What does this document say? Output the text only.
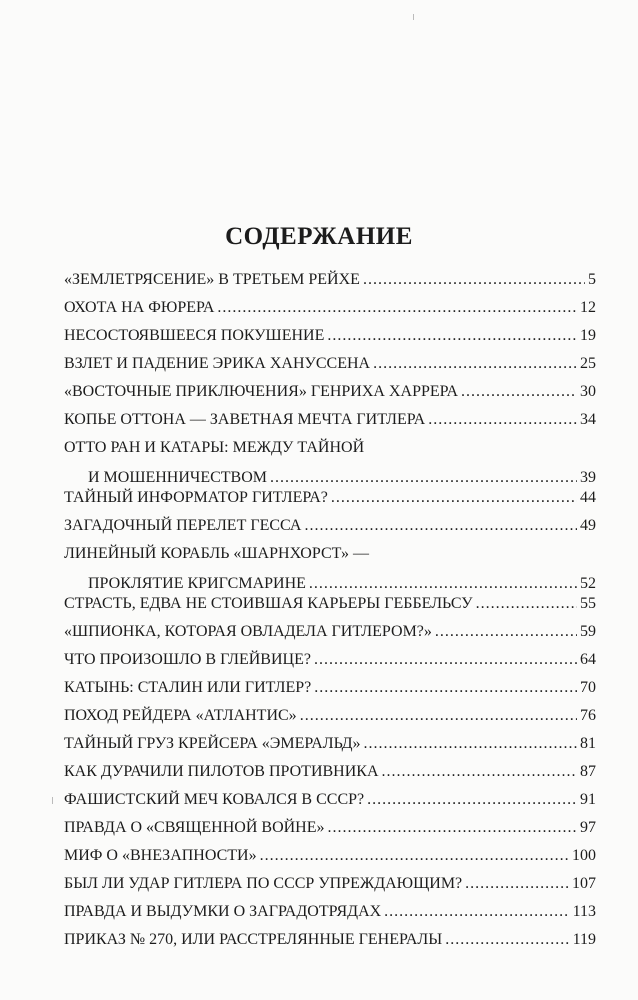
СОДЕРЖАНИЕ
«ЗЕМЛЕТРЯСЕНИЕ» В ТРЕТЬЕМ РЕЙХЕ .....	5
ОХОТА НА ФЮРЕРА .....	12
НЕСОСТОЯВШЕЕСЯ ПОКУШЕНИЕ .....	19
ВЗЛЕТ И ПАДЕНИЕ ЭРИКА ХАНУССЕНА .....	25
«ВОСТОЧНЫЕ ПРИКЛЮЧЕНИЯ» ГЕНРИХА ХАРРЕРА .....	30
КОПЬЕ ОТТОНА — ЗАВЕТНАЯ МЕЧТА ГИТЛЕРА .....	34
ОТТО РАН И КАТАРЫ: МЕЖДУ ТАЙНОЙ
И МОШЕННИЧЕСТВОМ .....	39
ТАЙНЫЙ ИНФОРМАТОР ГИТЛЕРА? .....	44
ЗАГАДОЧНЫЙ ПЕРЕЛЕТ ГЕССА .....	49
ЛИНЕЙНЫЙ КОРАБЛЬ «ШАРНХОРСТ» —
ПРОКЛЯТИЕ КРИГСМАРИНЕ .....	52
СТРАСТЬ, ЕДВА НЕ СТОИВШАЯ КАРЬЕРЫ ГЕББЕЛЬСУ .....	55
«ШПИОНКА, КОТОРАЯ ОВЛАДЕЛА ГИТЛЕРОМ?» .....	59
ЧТО ПРОИЗОШЛО В ГЛЕЙВИЦЕ? .....	64
КАТЫНЬ: СТАЛИН ИЛИ ГИТЛЕР? .....	70
ПОХОД РЕЙДЕРА «АТЛАНТИС» .....	76
ТАЙНЫЙ ГРУЗ КРЕЙСЕРА «ЭМЕРАЛЬД» .....	81
КАК ДУРАЧИЛИ ПИЛОТОВ ПРОТИВНИКА .....	87
ФАШИСТСКИЙ МЕЧ КОВАЛСЯ В СССР? .....	91
ПРАВДА О «СВЯЩЕННОЙ ВОЙНЕ» .....	97
МИФ О «ВНЕЗАПНОСТИ» .....	100
БЫЛ ЛИ УДАР ГИТЛЕРА ПО СССР УПРЕЖДАЮЩИМ? .....	107
ПРАВДА И ВЫДУМКИ О ЗАГРАДОТРЯДАХ .....	113
ПРИКАЗ № 270, ИЛИ РАССТРЕЛЯННЫЕ ГЕНЕРАЛЫ .....	119
